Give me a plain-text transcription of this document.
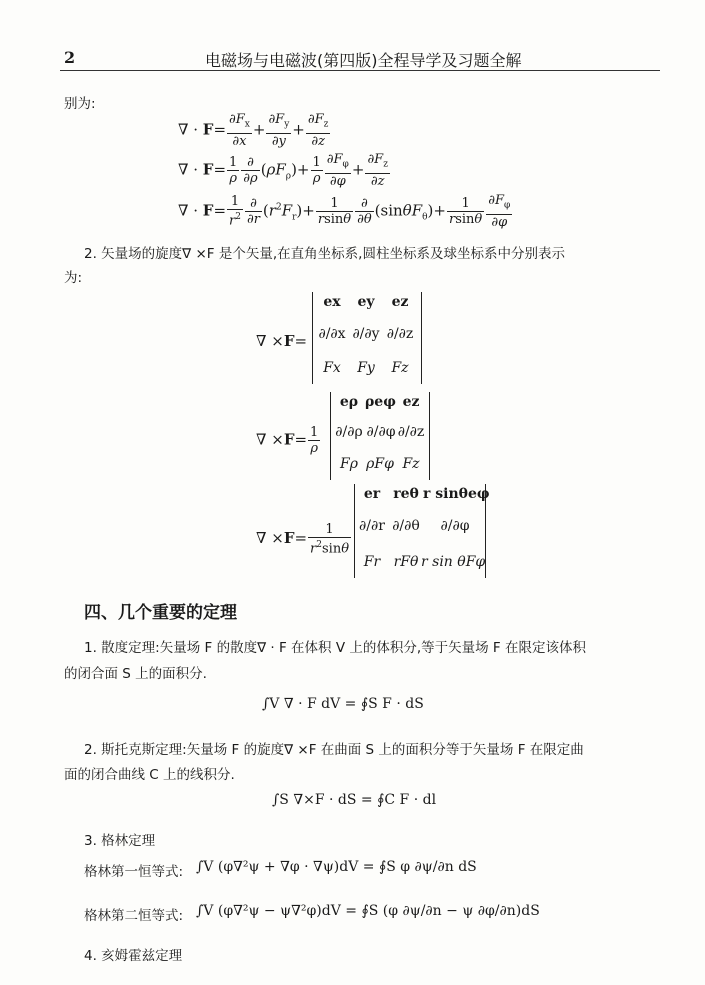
2	电磁场与电磁波(第四版)全程导学及习题全解
别为:
∇ · $F= \frac{\partial F_x}{\partial x} + \frac{\partial F_y}{\partial y} + \frac{\partial F_z}{\partial z}$
∇ · $F= \frac{1}{\rho} \frac{\partial}{\partial\rho} (\rho F_\rho)+ \frac{1}{\rho} \frac{\partial F_\varphi}{\partial\varphi} + \frac{\partial F_z}{\partial z}$
∇ · $F= \frac{1}{r^2} \frac{\partial}{\partial r} (r^2F_r)+ \frac{1}{rsin\theta} \frac{\partial}{\partial\theta} (\sin\theta F_\theta)+ \frac{1}{rsin\theta} \frac{\partial F_\varphi}{\partial\varphi}$
2. 矢量场的旋度∇ ×F 是个矢量,在直角坐标系,圆柱坐标系及球坐标系中分别表示
为:
∇ ×F=
ex	ey	ez
∂/∂x ∂/∂y ∂/∂z
Fx	Fy	Fz
∇ $\times F= \frac{1}{\rho}$
eρ ρeφ ez
∂/∂ρ ∂/∂φ ∂/∂z
Fρ ρFφ Fz
∇ $\times F= \frac{1}{r^2\sin\theta}$
er reθ r sinθeφ
∂/∂r ∂/∂θ	∂/∂φ
Fr rFθ r sin θFφ
四、几个重要的定理
1. 散度定理:矢量场 F 的散度∇ · F 在体积 V 上的体积分,等于矢量场 F 在限定该体积
的闭合面 S 上的面积分.
∫V ∇ · F dV = ∮S F · dS
2. 斯托克斯定理:矢量场 F 的旋度∇ ×F 在曲面 S 上的面积分等于矢量场 F 在限定曲
面的闭合曲线 C 上的线积分.
∫S ∇×F · dS = ∮C F · dl
3. 格林定理
格林第一恒等式: ∫V (φ∇²ψ + ∇φ · ∇ψ)dV = ∮S φ ∂ψ/∂n dS
格林第二恒等式: ∫V (φ∇²ψ − ψ∇²φ)dV = ∮S (φ ∂ψ/∂n − ψ ∂φ/∂n)dS
4. 亥姆霍兹定理
